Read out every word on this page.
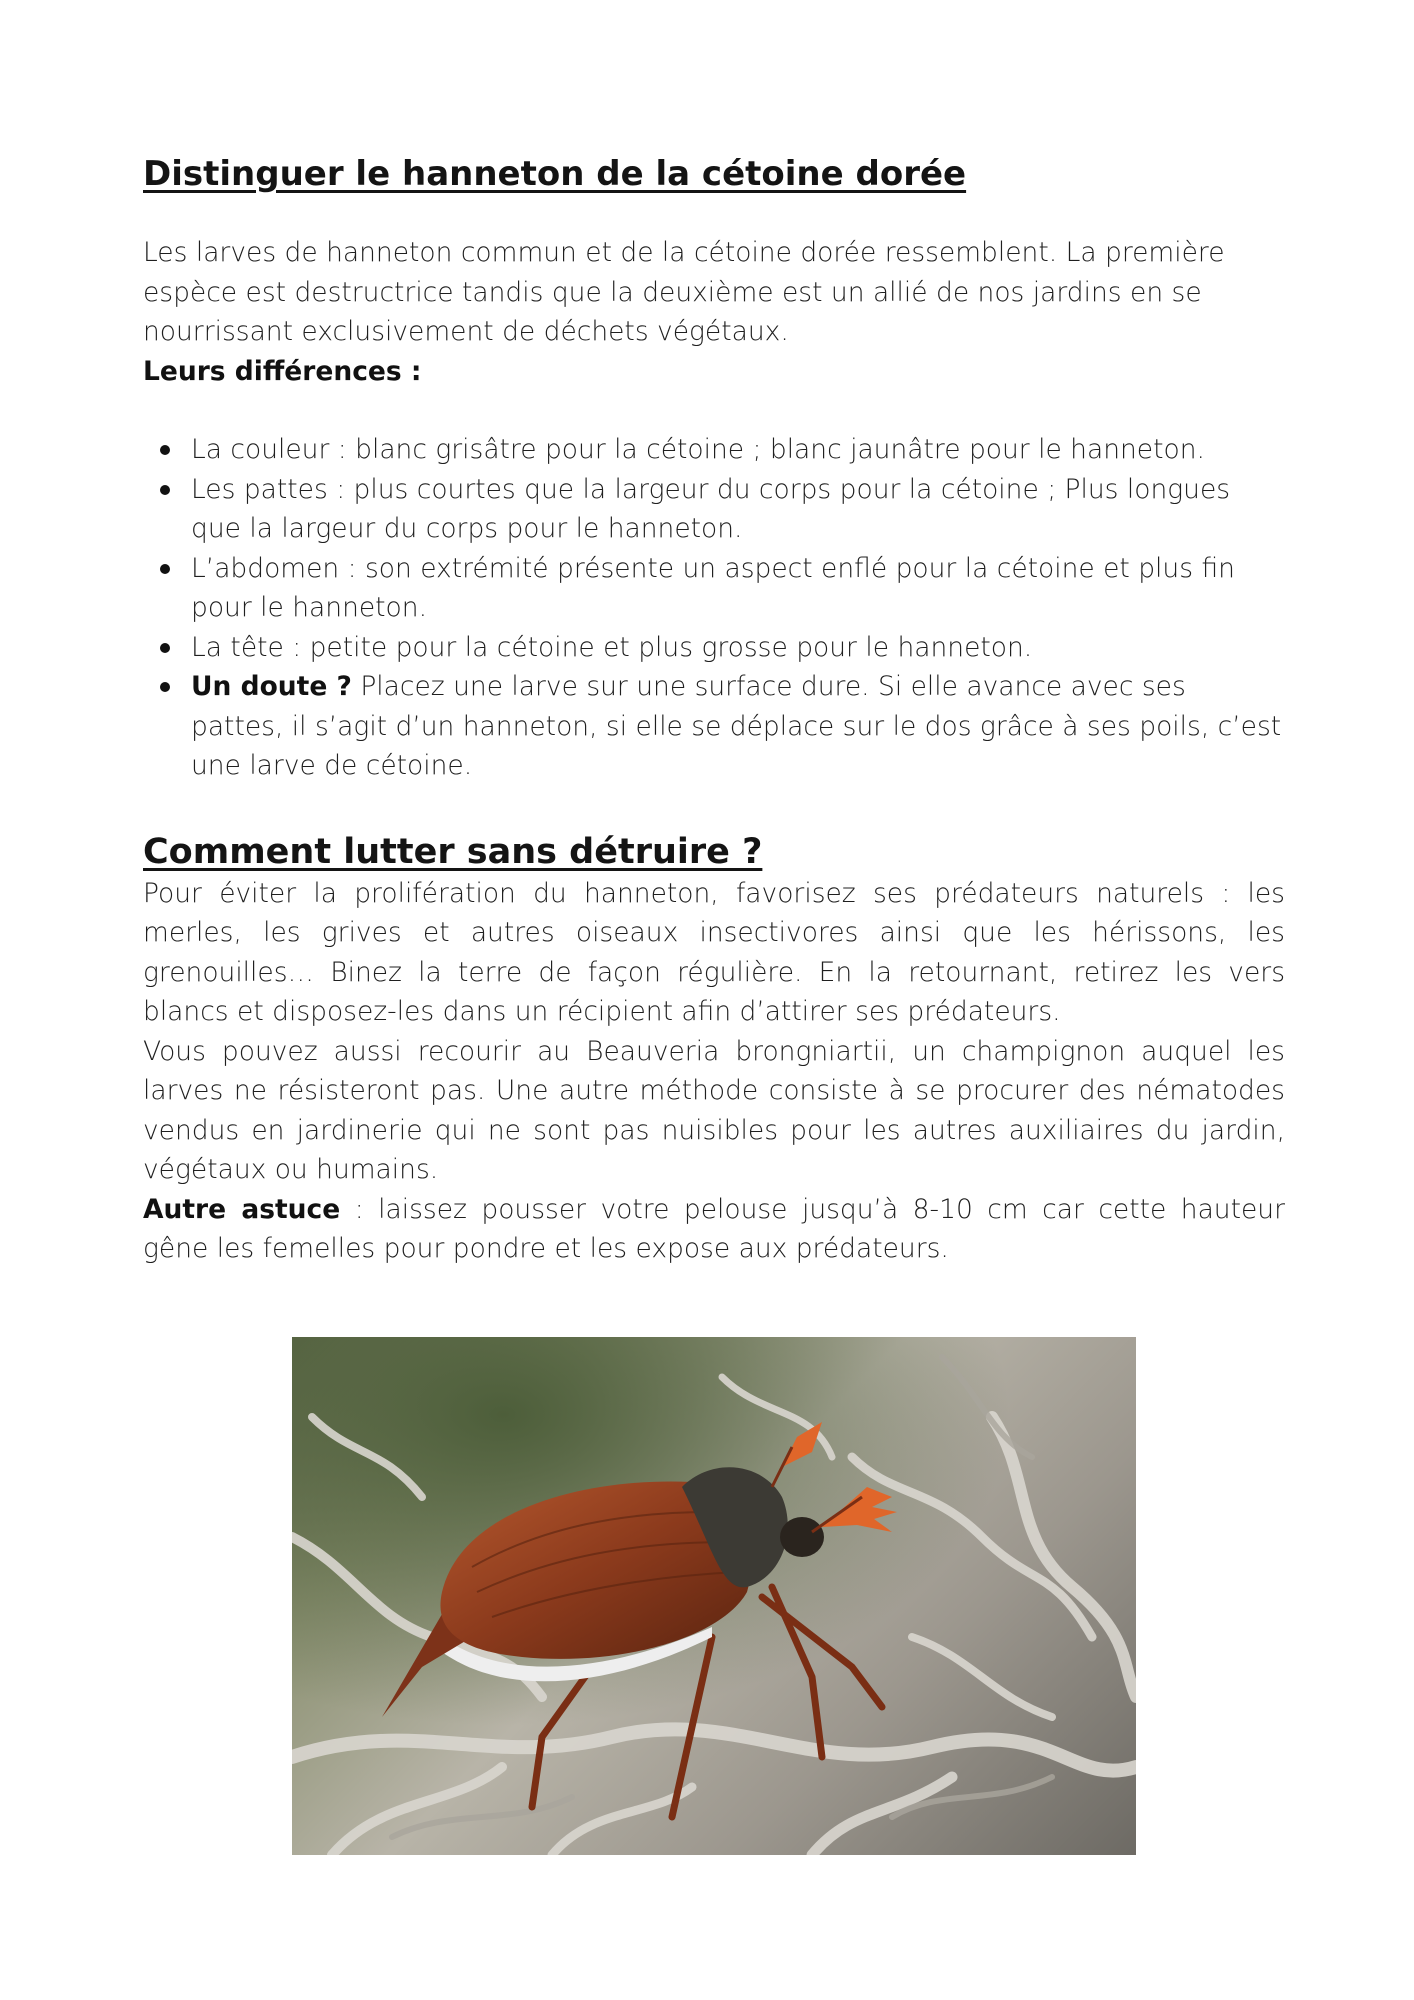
Distinguer le hanneton de la cétoine dorée

Les larves de hanneton commun et de la cétoine dorée ressemblent. La première espèce est destructrice tandis que la deuxième est un allié de nos jardins en se nourrissant exclusivement de déchets végétaux.

Leurs différences :

La couleur : blanc grisâtre pour la cétoine ; blanc jaunâtre pour le hanneton.
Les pattes : plus courtes que la largeur du corps pour la cétoine ; Plus longues que la largeur du corps pour le hanneton.
L’abdomen : son extrémité présente un aspect enflé pour la cétoine et plus fin pour le hanneton.
La tête : petite pour la cétoine et plus grosse pour le hanneton.
Un doute ? Placez une larve sur une surface dure. Si elle avance avec ses pattes, il s’agit d’un hanneton, si elle se déplace sur le dos grâce à ses poils, c’est une larve de cétoine.
Comment lutter sans détruire ?

Pour éviter la prolifération du hanneton, favorisez ses prédateurs naturels : les merles, les grives et autres oiseaux insectivores ainsi que les hérissons, les grenouilles… Binez la terre de façon régulière. En la retournant, retirez les vers blancs et disposez-les dans un récipient afin d’attirer ses prédateurs.

Vous pouvez aussi recourir au Beauveria brongniartii, un champignon auquel les larves ne résisteront pas. Une autre méthode consiste à se procurer des nématodes vendus en jardinerie qui ne sont pas nuisibles pour les autres auxiliaires du jardin, végétaux ou humains.

Autre astuce : laissez pousser votre pelouse jusqu’à 8-10 cm car cette hauteur gêne les femelles pour pondre et les expose aux prédateurs.
